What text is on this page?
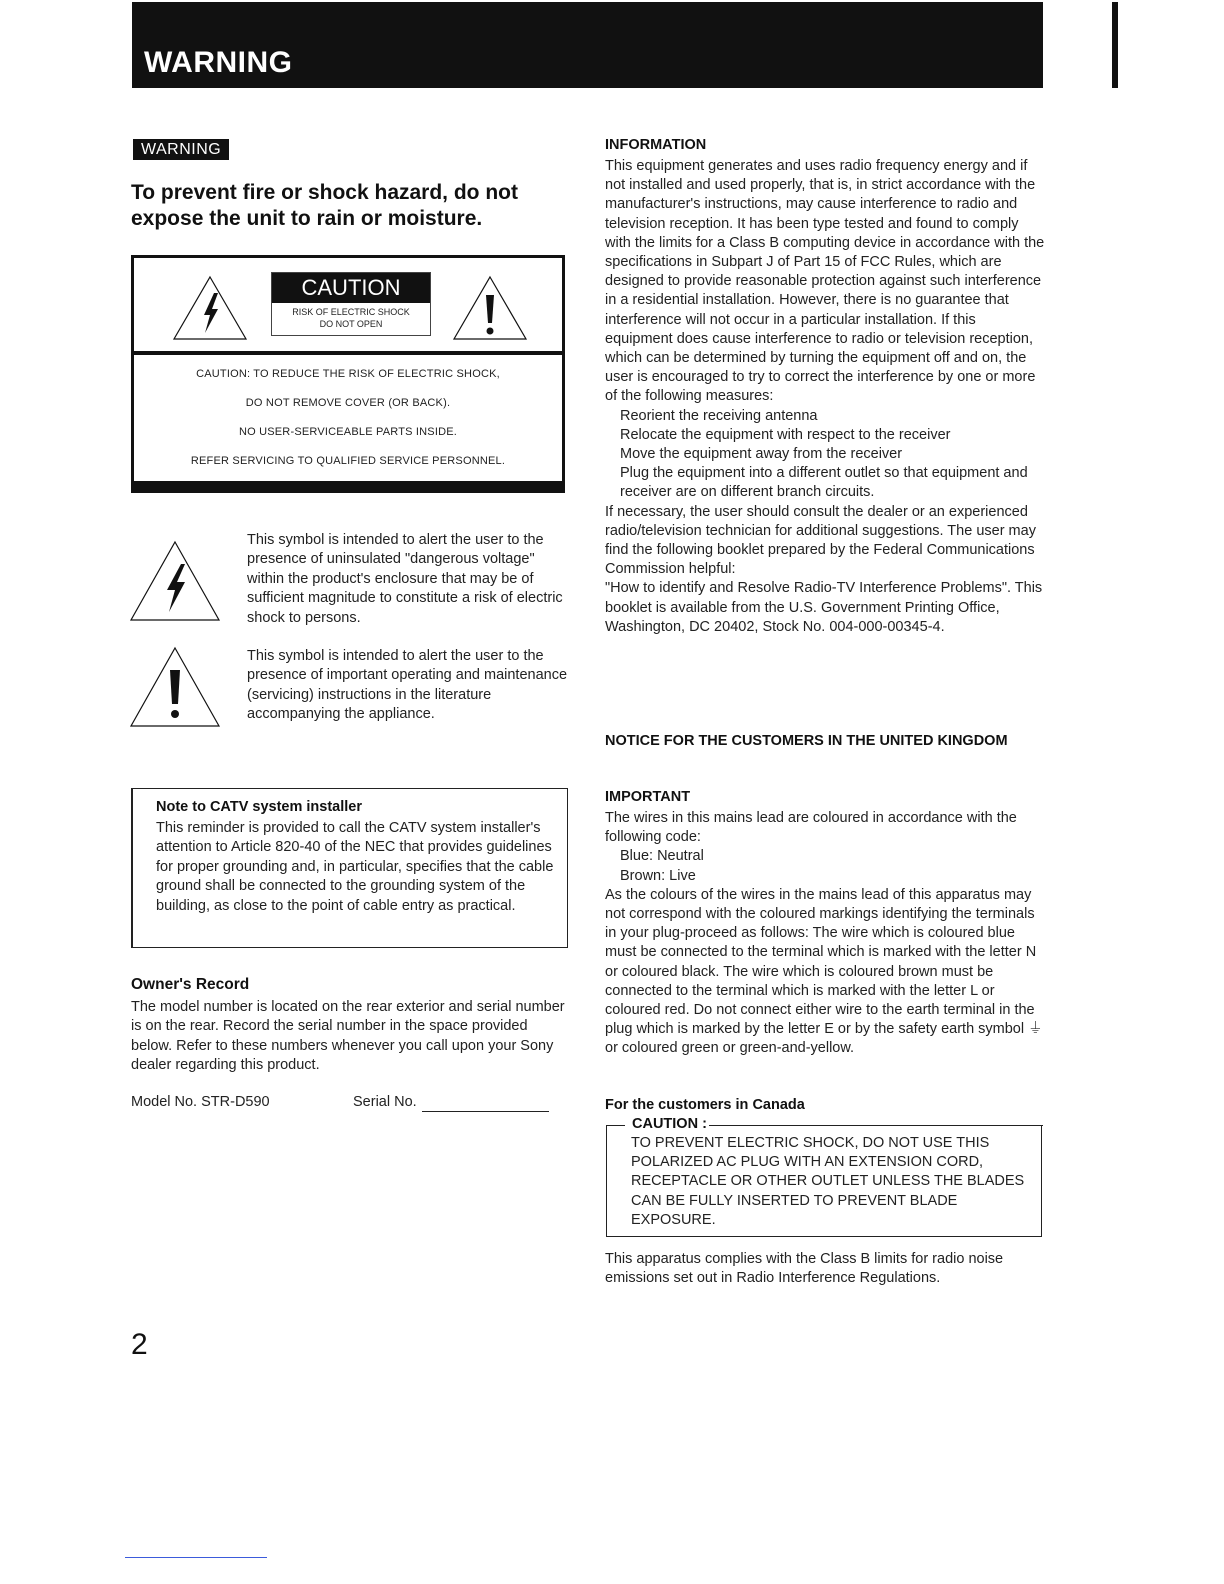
WARNING
WARNING
To prevent fire or shock hazard, do not expose the unit to rain or moisture.
CAUTION
RISK OF ELECTRIC SHOCK
DO NOT OPEN
CAUTION: TO REDUCE THE RISK OF ELECTRIC SHOCK,
DO NOT REMOVE COVER (OR BACK).
NO USER-SERVICEABLE PARTS INSIDE.
REFER SERVICING TO QUALIFIED SERVICE PERSONNEL.
This symbol is intended to alert the user to the presence of uninsulated "dangerous voltage" within the product's enclosure that may be of sufficient magnitude to constitute a risk of electric shock to persons.
This symbol is intended to alert the user to the presence of important operating and maintenance (servicing) instructions in the literature accompanying the appliance.
Note to CATV system installer
This reminder is provided to call the CATV system installer's attention to Article 820-40 of the NEC that provides guidelines for proper grounding and, in particular, specifies that the cable ground shall be connected to the grounding system of the building, as close to the point of cable entry as practical.
Owner's Record
The model number is located on the rear exterior and serial number is on the rear. Record the serial number in the space provided below. Refer to these numbers whenever you call upon your Sony dealer regarding this product.
Model No. STR-D590	Serial No.
2
INFORMATION
This equipment generates and uses radio frequency energy and if not installed and used properly, that is, in strict accordance with the manufacturer's instructions, may cause interference to radio and television reception. It has been type tested and found to comply with the limits for a Class B computing device in accordance with the specifications in Subpart J of Part 15 of FCC Rules, which are designed to provide reasonable protection against such interference in a residential installation. However, there is no guarantee that interference will not occur in a particular installation. If this equipment does cause interference to radio or television reception, which can be determined by turning the equipment off and on, the user is encouraged to try to correct the interference by one or more of the following measures:
Reorient the receiving antenna
Relocate the equipment with respect to the receiver
Move the equipment away from the receiver
Plug the equipment into a different outlet so that equipment and receiver are on different branch circuits.
If necessary, the user should consult the dealer or an experienced radio/television technician for additional suggestions. The user may find the following booklet prepared by the Federal Communications Commission helpful:
"How to identify and Resolve Radio-TV Interference Problems". This booklet is available from the U.S. Government Printing Office, Washington, DC 20402, Stock No. 004-000-00345-4.
NOTICE FOR THE CUSTOMERS IN THE UNITED KINGDOM
IMPORTANT
The wires in this mains lead are coloured in accordance with the following code:
Blue: Neutral
Brown: Live
As the colours of the wires in the mains lead of this apparatus may not correspond with the coloured markings identifying the terminals in your plug-proceed as follows: The wire which is coloured blue must be connected to the terminal which is marked with the letter N or coloured black. The wire which is coloured brown must be connected to the terminal which is marked with the letter L or coloured red. Do not connect either wire to the earth terminal in the plug which is marked by the letter E or by the safety earth symbol ⏚ or coloured green or green-and-yellow.
For the customers in Canada
CAUTION :
TO PREVENT ELECTRIC SHOCK, DO NOT USE THIS POLARIZED AC PLUG WITH AN EXTENSION CORD, RECEPTACLE OR OTHER OUTLET UNLESS THE BLADES CAN BE FULLY INSERTED TO PREVENT BLADE EXPOSURE.
This apparatus complies with the Class B limits for radio noise emissions set out in Radio Interference Regulations.
